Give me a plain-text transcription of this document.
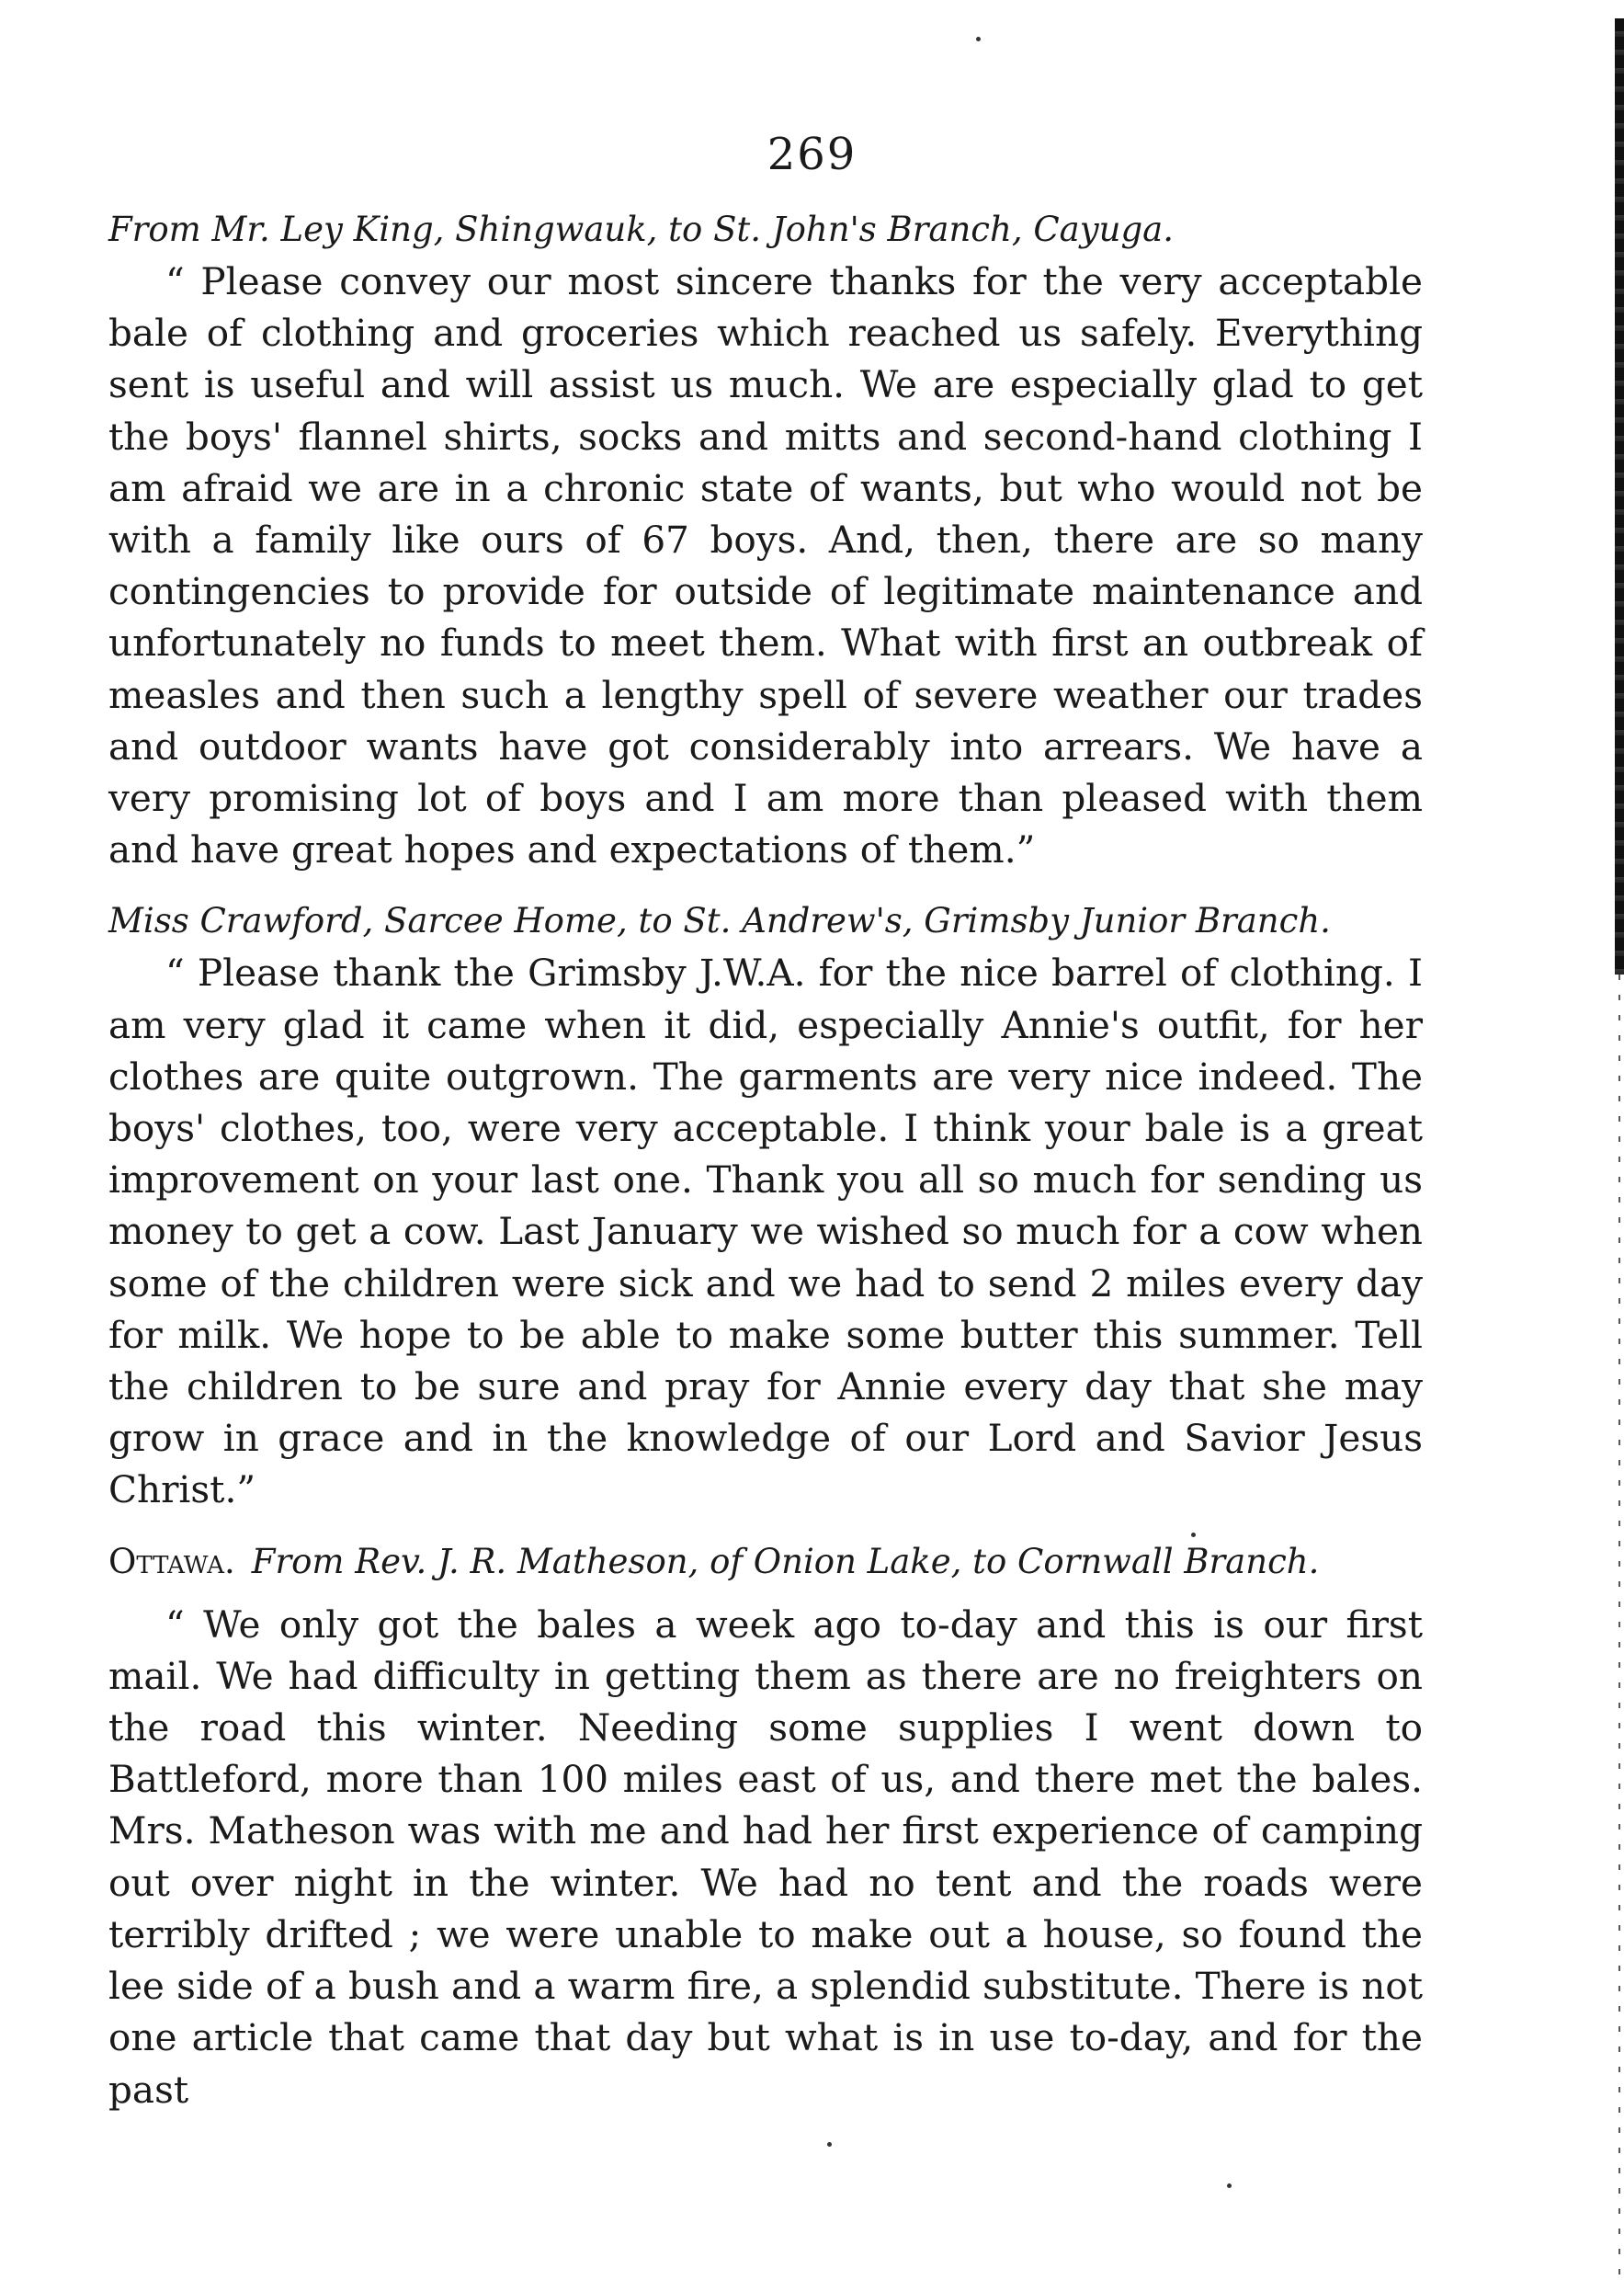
269

From Mr. Ley King, Shingwauk, to St. John's Branch, Cayuga.

“ Please convey our most sincere thanks for the very acceptable bale of clothing and groceries which reached us safely. Everything sent is useful and will assist us much. We are especially glad to get the boys' flannel shirts, socks and mitts and second-hand clothing I am afraid we are in a chronic state of wants, but who would not be with a family like ours of 67 boys. And, then, there are so many contingencies to provide for outside of legitimate maintenance and unfortunately no funds to meet them. What with first an outbreak of measles and then such a lengthy spell of severe weather our trades and outdoor wants have got considerably into arrears. We have a very promising lot of boys and I am more than pleased with them and have great hopes and expectations of them.”

Miss Crawford, Sarcee Home, to St. Andrew's, Grimsby Junior Branch.

“ Please thank the Grimsby J.W.A. for the nice barrel of clothing. I am very glad it came when it did, especially Annie's outfit, for her clothes are quite outgrown. The garments are very nice indeed. The boys' clothes, too, were very acceptable. I think your bale is a great improvement on your last one. Thank you all so much for sending us money to get a cow. Last January we wished so much for a cow when some of the children were sick and we had to send 2 miles every day for milk. We hope to be able to make some butter this summer. Tell the children to be sure and pray for Annie every day that she may grow in grace and in the knowledge of our Lord and Savior Jesus Christ.”

Ottawa. From Rev. J. R. Matheson, of Onion Lake, to Cornwall Branch.

“ We only got the bales a week ago to-day and this is our first mail. We had difficulty in getting them as there are no freighters on the road this winter. Needing some supplies I went down to Battleford, more than 100 miles east of us, and there met the bales. Mrs. Matheson was with me and had her first experience of camping out over night in the winter. We had no tent and the roads were terribly drifted ; we were unable to make out a house, so found the lee side of a bush and a warm fire, a splendid substitute. There is not one article that came that day but what is in use to-day, and for the past
